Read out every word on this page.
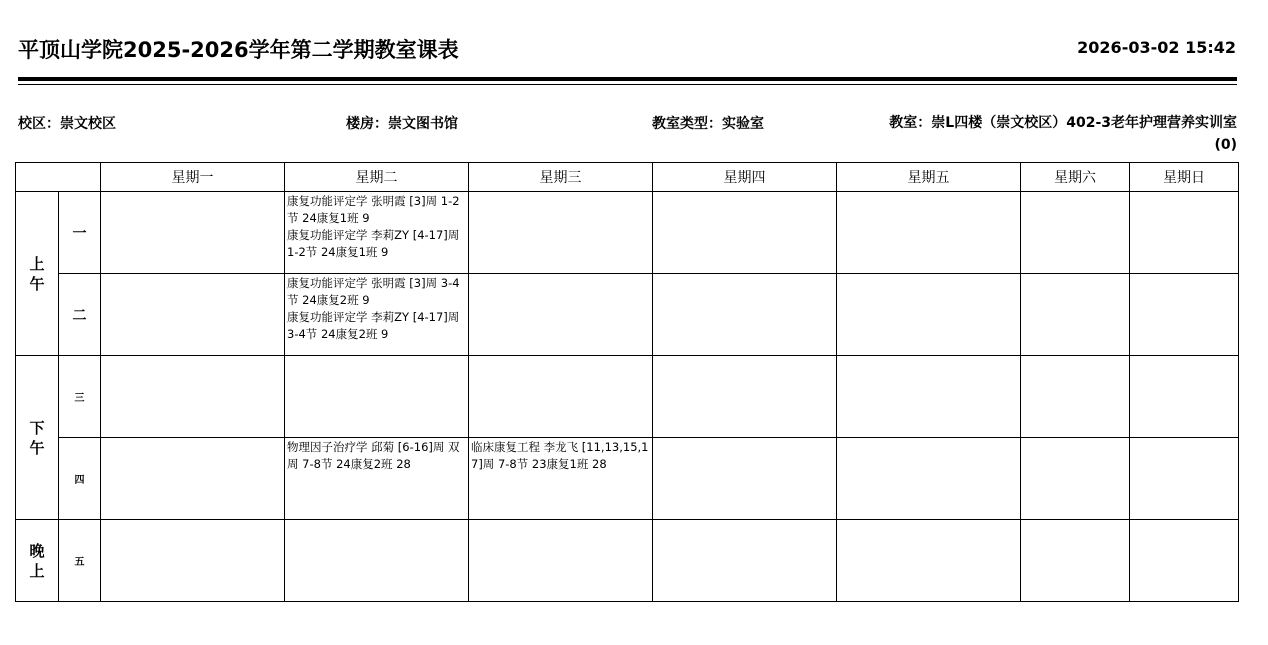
平顶山学院2025-2026学年第二学期教室课表	2026-03-02 15:42
校区：崇文校区	楼房：崇文图书馆	教室类型：实验室	教室：崇L四楼（崇文校区）402-3老年护理营养实训室(0)
		星期一	星期二	星期三	星期四	星期五	星期六	星期日
上
午	一		康复功能评定学 张明霞 [3]周 1-2节 24康复1班 9
康复功能评定学 李莉ZY [4-17]周 1-2节 24康复1班 9					

	二		康复功能评定学 张明霞 [3]周 3-4节 24康复2班 9
康复功能评定学 李莉ZY [4-17]周 3-4节 24康复2班 9					

下
午	三	

	四		物理因子治疗学 邱菊 [6-16]周 双周 7-8节 24康复2班 28	临床康复工程 李龙飞 [11,13,15,17]周 7-8节 23康复1班 28				

晚
上	五	
